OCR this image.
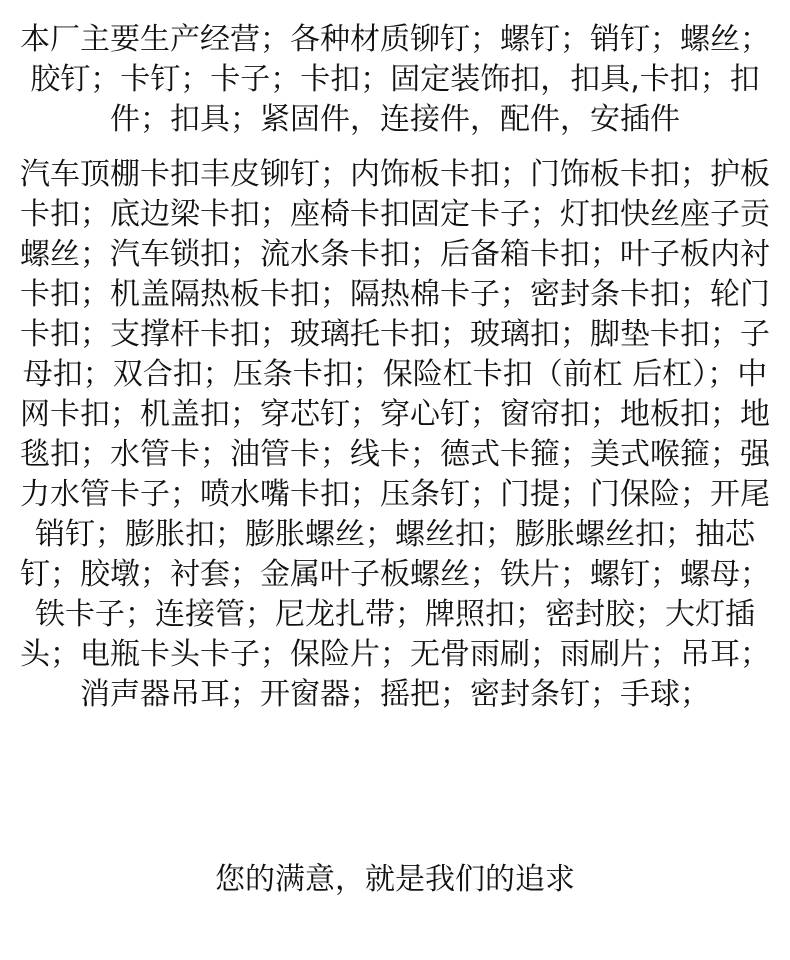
本厂主要生产经营；各种材质铆钉；螺钉；销钉；螺丝；胶钉；卡钉；卡子；卡扣；固定装饰扣，扣具,卡扣；扣件；扣具；紧固件，连接件，配件，安插件

汽车顶棚卡扣丰皮铆钉；内饰板卡扣；门饰板卡扣；护板卡扣；底边梁卡扣；座椅卡扣固定卡子；灯扣快丝座子贡螺丝；汽车锁扣；流水条卡扣；后备箱卡扣；叶子板内衬卡扣；机盖隔热板卡扣；隔热棉卡子；密封条卡扣；轮门卡扣；支撑杆卡扣；玻璃托卡扣；玻璃扣；脚垫卡扣；子母扣；双合扣；压条卡扣；保险杠卡扣（前杠 后杠）；中网卡扣；机盖扣；穿芯钉；穿心钉；窗帘扣；地板扣；地毯扣；水管卡；油管卡；线卡；德式卡箍；美式喉箍；强力水管卡子；喷水嘴卡扣；压条钉；门提；门保险；开尾销钉；膨胀扣；膨胀螺丝；螺丝扣；膨胀螺丝扣；抽芯钉；胶墩；衬套；金属叶子板螺丝；铁片；螺钉；螺母；铁卡子；连接管；尼龙扎带；牌照扣；密封胶；大灯插头；电瓶卡头卡子；保险片；无骨雨刷；雨刷片；吊耳；消声器吊耳；开窗器；摇把；密封条钉；手球；

您的满意，就是我们的追求
